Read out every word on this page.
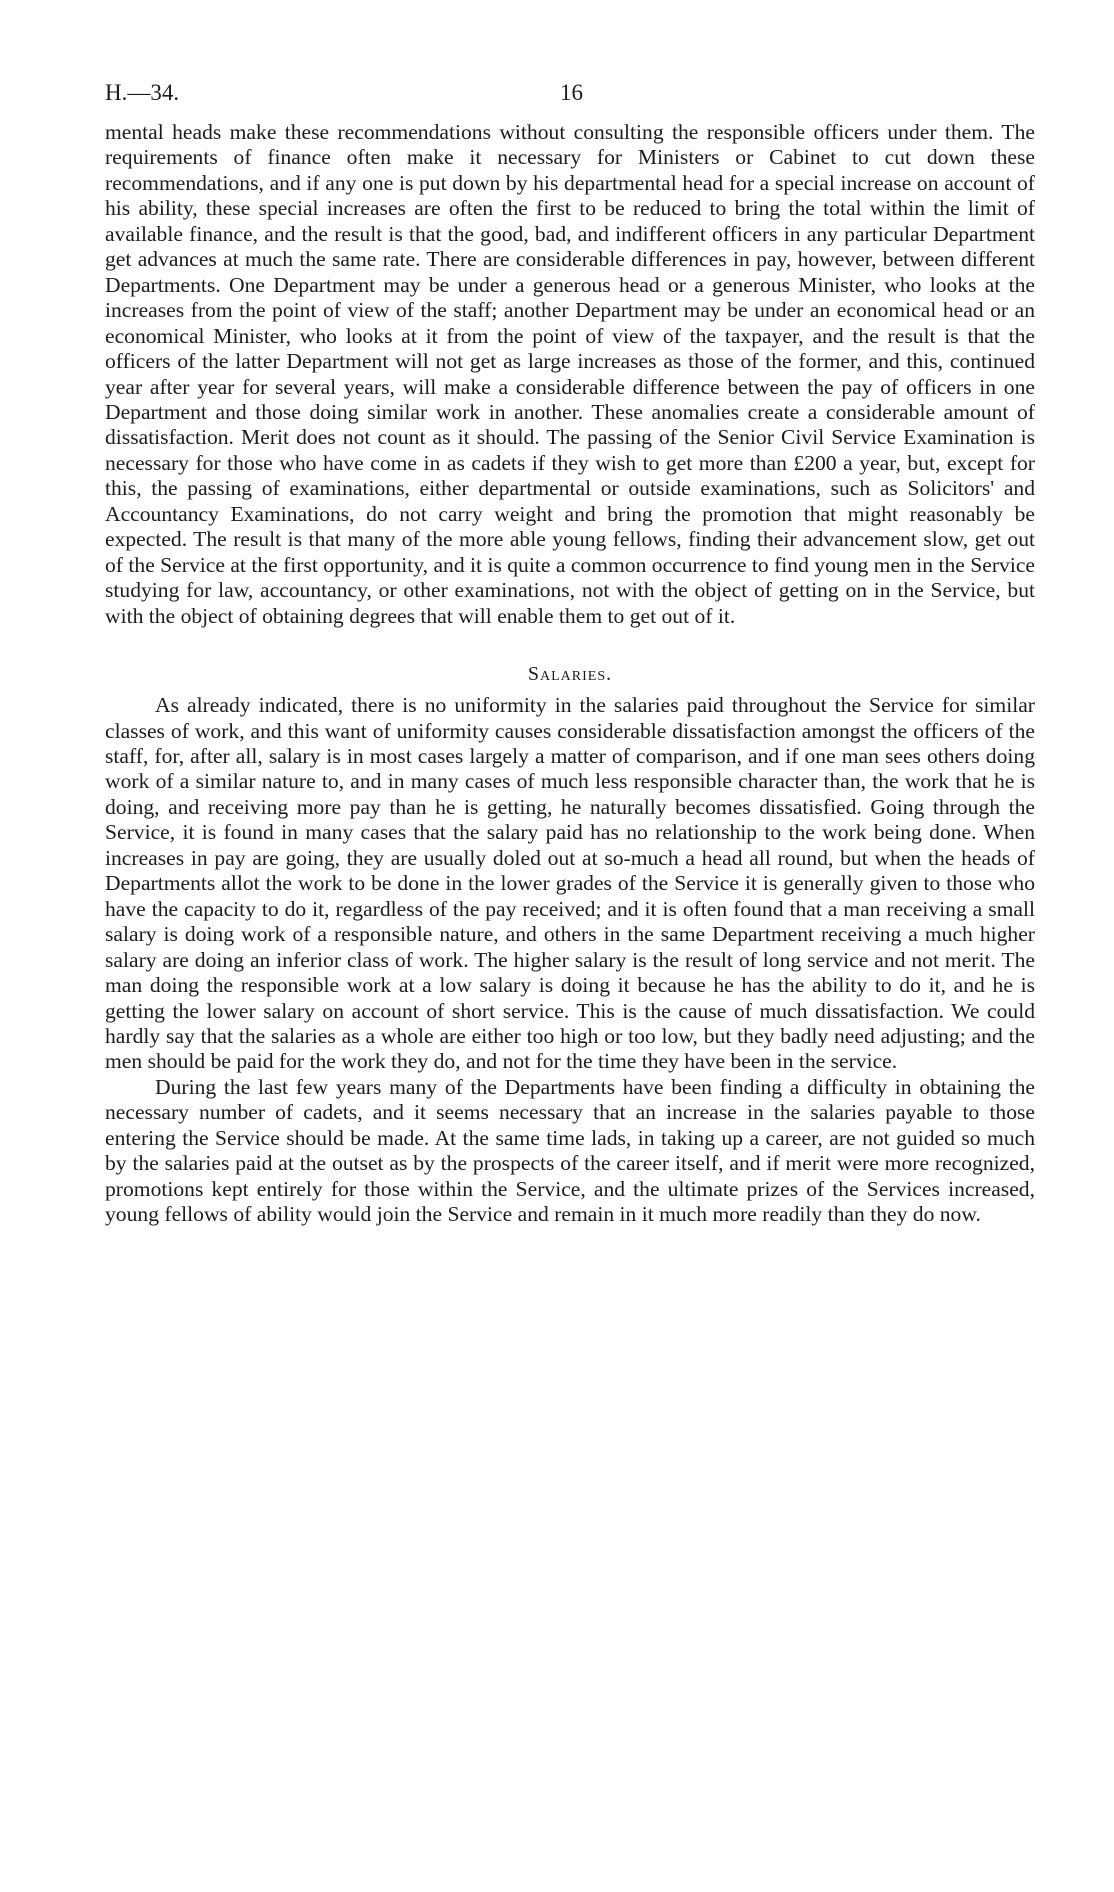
H.—34.	16

mental heads make these recommendations without consulting the responsible officers under them. The requirements of finance often make it necessary for Ministers or Cabinet to cut down these recommendations, and if any one is put down by his departmental head for a special increase on account of his ability, these special increases are often the first to be reduced to bring the total within the limit of available finance, and the result is that the good, bad, and indifferent officers in any particular Department get advances at much the same rate. There are considerable differences in pay, however, between different Departments. One Department may be under a generous head or a generous Minister, who looks at the increases from the point of view of the staff; another Department may be under an economical head or an economical Minister, who looks at it from the point of view of the taxpayer, and the result is that the officers of the latter Department will not get as large increases as those of the former, and this, continued year after year for several years, will make a considerable difference between the pay of officers in one Department and those doing similar work in another. These anomalies create a considerable amount of dissatisfaction. Merit does not count as it should. The passing of the Senior Civil Service Examination is necessary for those who have come in as cadets if they wish to get more than £200 a year, but, except for this, the passing of examinations, either departmental or outside examinations, such as Solicitors' and Accountancy Examinations, do not carry weight and bring the promotion that might reasonably be expected. The result is that many of the more able young fellows, finding their advancement slow, get out of the Service at the first opportunity, and it is quite a common occurrence to find young men in the Service studying for law, accountancy, or other examinations, not with the object of getting on in the Service, but with the object of obtaining degrees that will enable them to get out of it.

Salaries.

As already indicated, there is no uniformity in the salaries paid throughout the Service for similar classes of work, and this want of uniformity causes considerable dissatisfaction amongst the officers of the staff, for, after all, salary is in most cases largely a matter of comparison, and if one man sees others doing work of a similar nature to, and in many cases of much less responsible character than, the work that he is doing, and receiving more pay than he is getting, he naturally becomes dissatisfied. Going through the Service, it is found in many cases that the salary paid has no relationship to the work being done. When increases in pay are going, they are usually doled out at so-much a head all round, but when the heads of Departments allot the work to be done in the lower grades of the Service it is generally given to those who have the capacity to do it, regardless of the pay received; and it is often found that a man receiving a small salary is doing work of a responsible nature, and others in the same Department receiving a much higher salary are doing an inferior class of work. The higher salary is the result of long service and not merit. The man doing the responsible work at a low salary is doing it because he has the ability to do it, and he is getting the lower salary on account of short service. This is the cause of much dissatisfaction. We could hardly say that the salaries as a whole are either too high or too low, but they badly need adjusting; and the men should be paid for the work they do, and not for the time they have been in the service.

During the last few years many of the Departments have been finding a difficulty in obtaining the necessary number of cadets, and it seems necessary that an increase in the salaries payable to those entering the Service should be made. At the same time lads, in taking up a career, are not guided so much by the salaries paid at the outset as by the prospects of the career itself, and if merit were more recognized, promotions kept entirely for those within the Service, and the ultimate prizes of the Services increased, young fellows of ability would join the Service and remain in it much more readily than they do now.
